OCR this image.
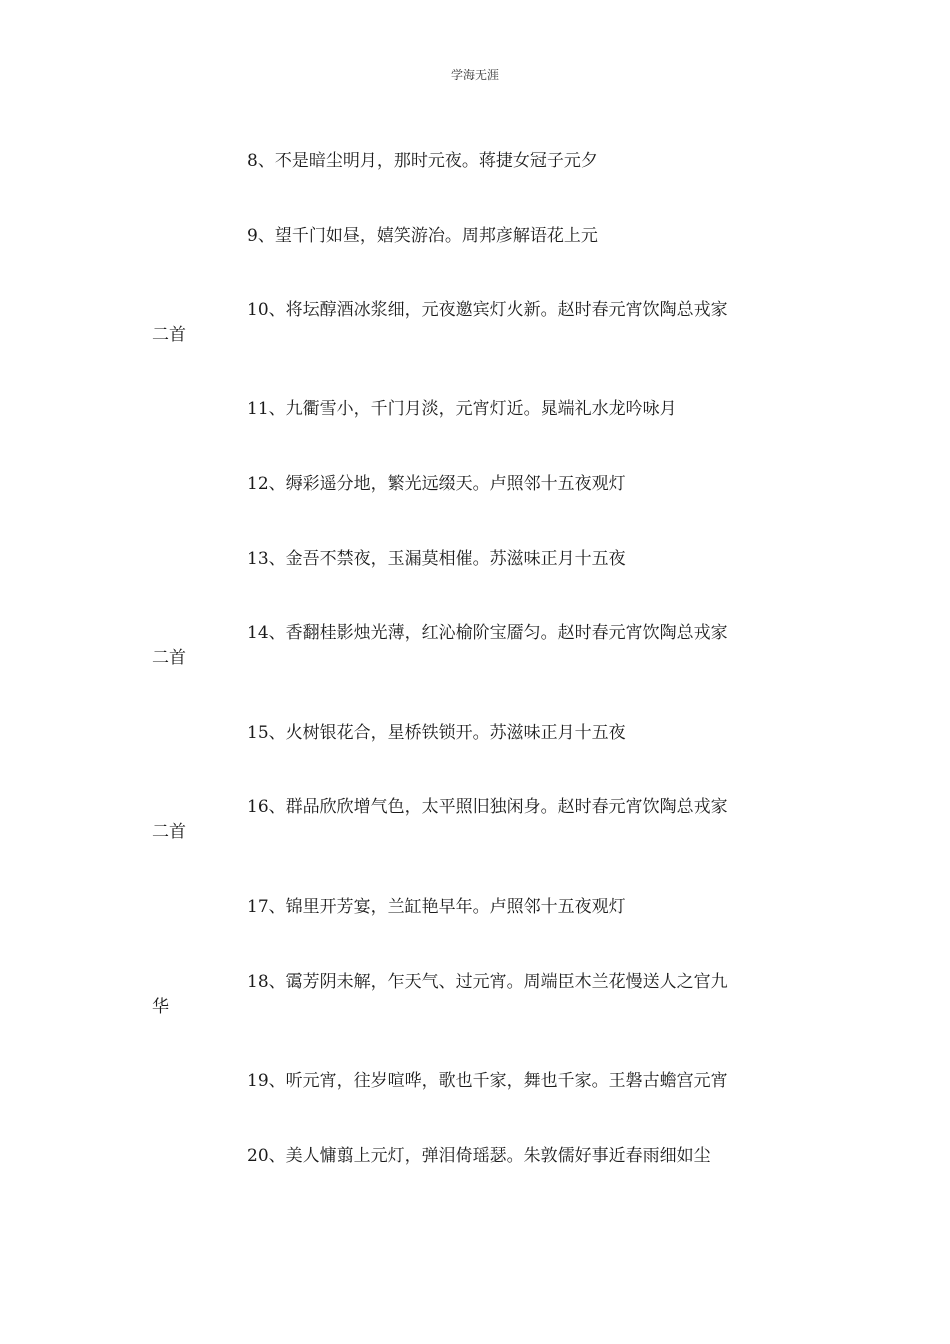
学海无涯
8、不是暗尘明月，那时元夜。蒋捷女冠子元夕
9、望千门如昼，嬉笑游冶。周邦彦解语花上元
10、将坛醇酒冰浆细，元夜邀宾灯火新。赵时春元宵饮陶总戎家
二首
11、九衢雪小，千门月淡，元宵灯近。晁端礼水龙吟咏月
12、缛彩遥分地，繁光远缀天。卢照邻十五夜观灯
13、金吾不禁夜，玉漏莫相催。苏滋味正月十五夜
14、香翻桂影烛光薄，红沁榆阶宝靥匀。赵时春元宵饮陶总戎家
二首
15、火树银花合，星桥铁锁开。苏滋味正月十五夜
16、群品欣欣增气色，太平照旧独闲身。赵时春元宵饮陶总戎家
二首
17、锦里开芳宴，兰缸艳早年。卢照邻十五夜观灯
18、霭芳阴未解，乍天气、过元宵。周端臣木兰花慢送人之官九
华
19、听元宵，往岁喧哗，歌也千家，舞也千家。王磐古蟾宫元宵
20、美人慵翦上元灯，弹泪倚瑶瑟。朱敦儒好事近春雨细如尘
